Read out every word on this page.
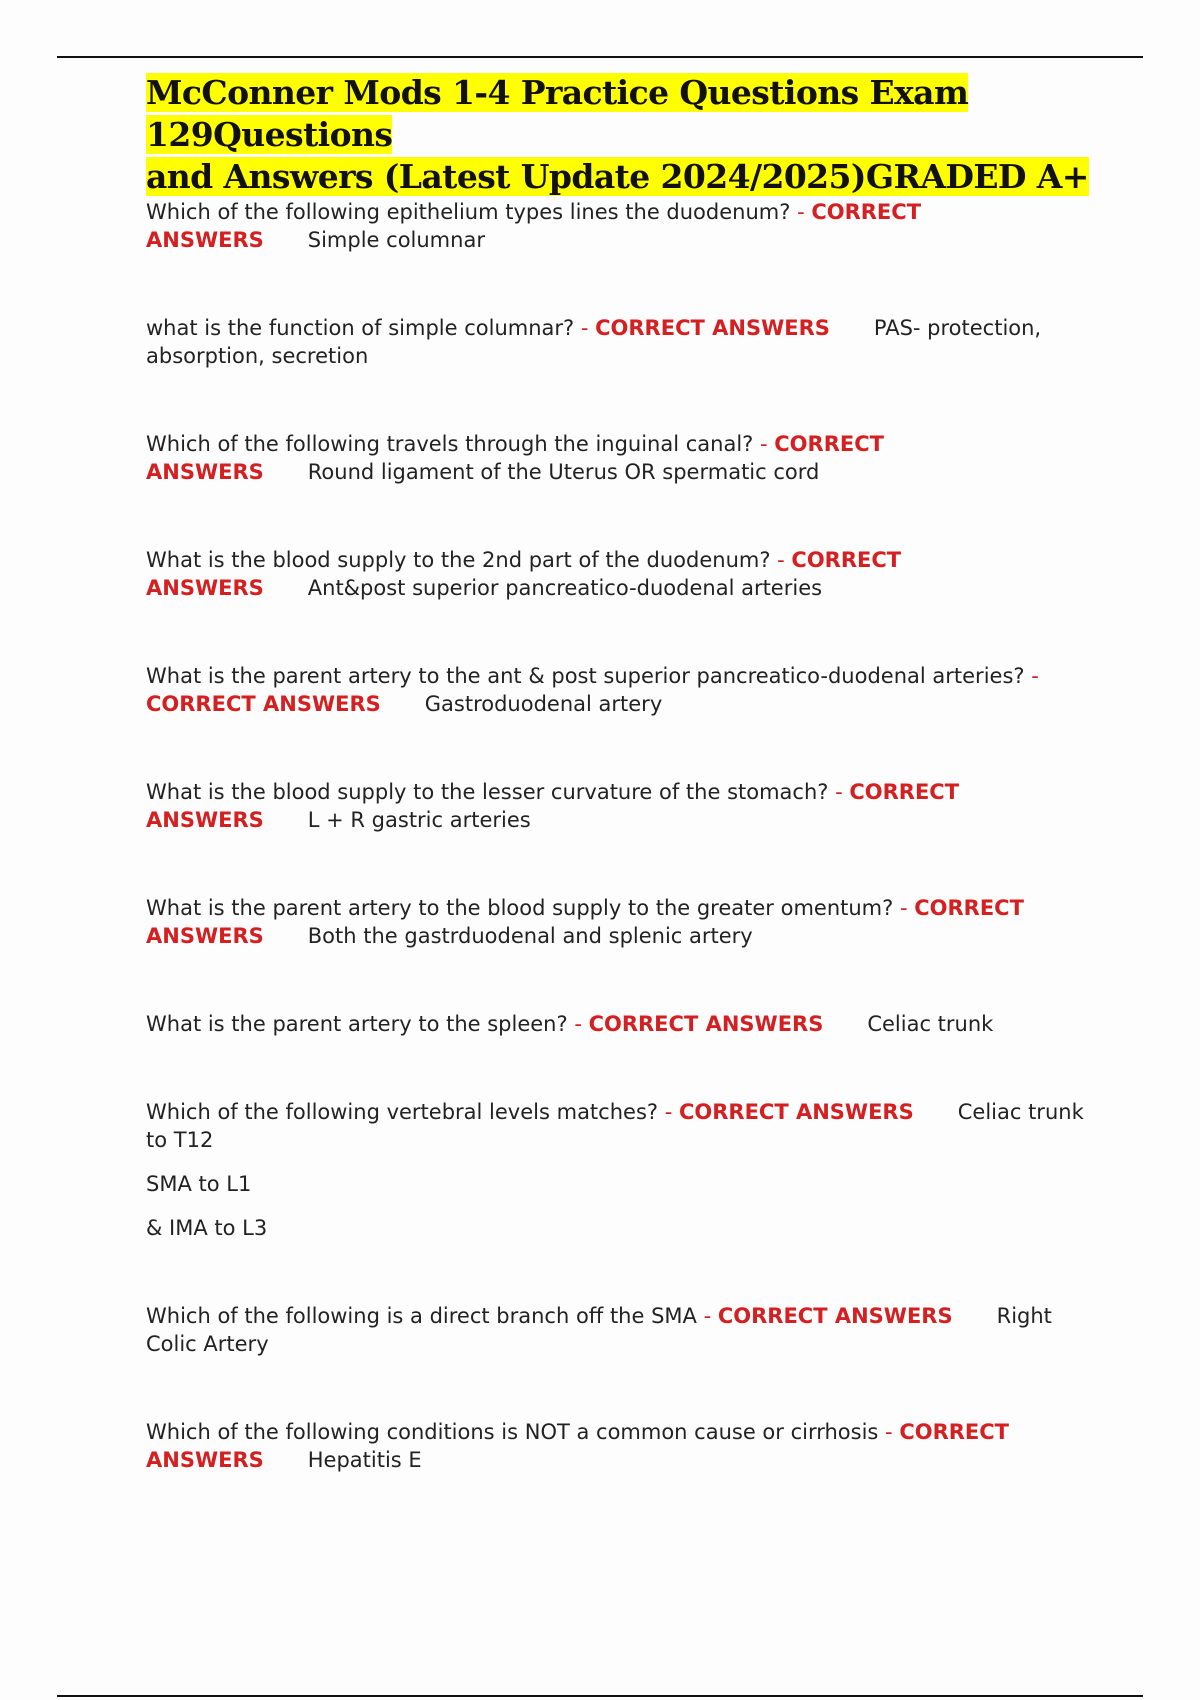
McConner Mods 1-4 Practice Questions Exam 129Questions
and Answers (Latest Update 2024/2025)GRADED A+

Which of the following epithelium types lines the duodenum? - CORRECT ANSWERS Simple columnar

what is the function of simple columnar? - CORRECT ANSWERS PAS- protection, absorption, secretion

Which of the following travels through the inguinal canal? - CORRECT ANSWERS Round ligament of the Uterus OR spermatic cord

What is the blood supply to the 2nd part of the duodenum? - CORRECT ANSWERS Ant&post superior pancreatico-duodenal arteries

What is the parent artery to the ant & post superior pancreatico-duodenal arteries? - CORRECT ANSWERS Gastroduodenal artery

What is the blood supply to the lesser curvature of the stomach? - CORRECT ANSWERS L + R gastric arteries

What is the parent artery to the blood supply to the greater omentum? - CORRECT ANSWERS Both the gastrduodenal and splenic artery

What is the parent artery to the spleen? - CORRECT ANSWERS Celiac trunk

Which of the following vertebral levels matches? - CORRECT ANSWERS Celiac trunk to T12

SMA to L1

& IMA to L3

Which of the following is a direct branch off the SMA - CORRECT ANSWERS Right Colic Artery

Which of the following conditions is NOT a common cause or cirrhosis - CORRECT ANSWERS Hepatitis E
